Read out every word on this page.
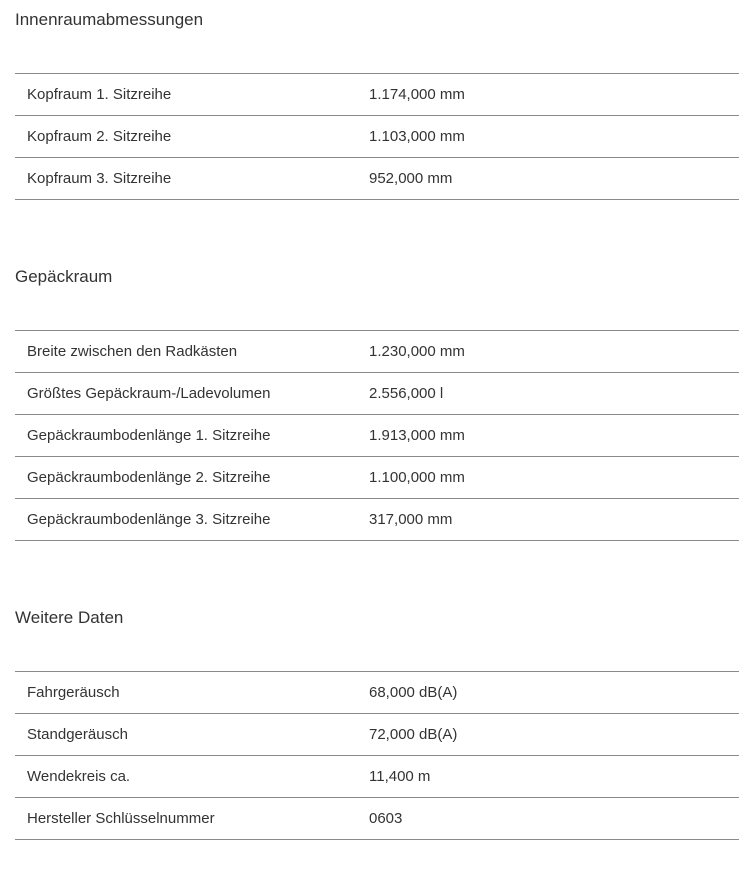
Innenraumabmessungen
Kopfraum 1. Sitzreihe	1.174,000 mm
Kopfraum 2. Sitzreihe	1.103,000 mm
Kopfraum 3. Sitzreihe	952,000 mm
Gepäckraum
Breite zwischen den Radkästen	1.230,000 mm
Größtes Gepäckraum-/Ladevolumen	2.556,000 l
Gepäckraumbodenlänge 1. Sitzreihe	1.913,000 mm
Gepäckraumbodenlänge 2. Sitzreihe	1.100,000 mm
Gepäckraumbodenlänge 3. Sitzreihe	317,000 mm
Weitere Daten
Fahrgeräusch	68,000 dB(A)
Standgeräusch	72,000 dB(A)
Wendekreis ca.	11,400 m
Hersteller Schlüsselnummer	0603
